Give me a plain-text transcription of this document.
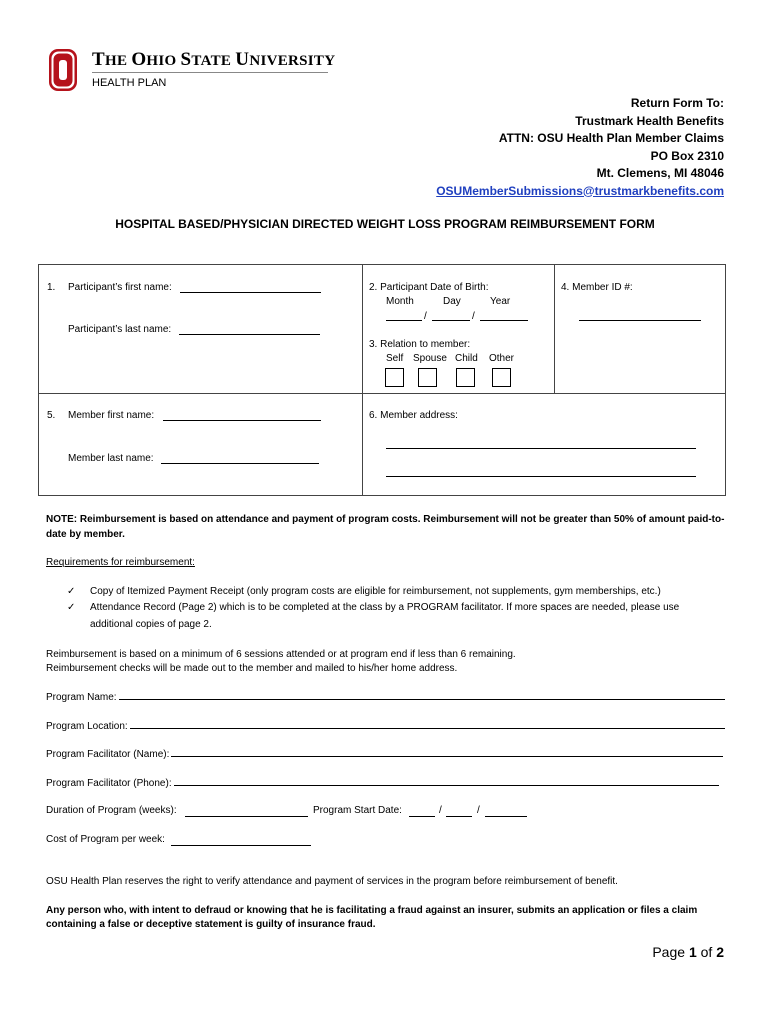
THE OHIO STATE UNIVERSITY
HEALTH PLAN
Return Form To:
Trustmark Health Benefits
ATTN: OSU Health Plan Member Claims
PO Box 2310
Mt. Clemens, MI 48046
OSUMemberSubmissions@trustmarkbenefits.com
HOSPITAL BASED/PHYSICIAN DIRECTED WEIGHT LOSS PROGRAM REIMBURSEMENT FORM
1. Participant’s first name:
Participant’s last name:
2. Participant Date of Birth:
Month	Day	Year
/	/
3. Relation to member:
Self Spouse Child Other
4. Member ID #:
5. Member first name:
Member last name:
6. Member address:
NOTE: Reimbursement is based on attendance and payment of program costs. Reimbursement will not be greater than 50% of amount paid-to-
date by member.
Requirements for reimbursement:
✓ Copy of Itemized Payment Receipt (only program costs are eligible for reimbursement, not supplements, gym memberships, etc.)
✓ Attendance Record (Page 2) which is to be completed at the class by a PROGRAM facilitator. If more spaces are needed, please use
additional copies of page 2.
Reimbursement is based on a minimum of 6 sessions attended or at program end if less than 6 remaining.
Reimbursement checks will be made out to the member and mailed to his/her home address.
Program Name:
Program Location:
Program Facilitator (Name):
Program Facilitator (Phone):
Duration of Program (weeks):	Program Start Date:	/	/
Cost of Program per week:
OSU Health Plan reserves the right to verify attendance and payment of services in the program before reimbursement of benefit.
Any person who, with intent to defraud or knowing that he is facilitating a fraud against an insurer, submits an application or files a claim
containing a false or deceptive statement is guilty of insurance fraud.
Page 1 of 2
